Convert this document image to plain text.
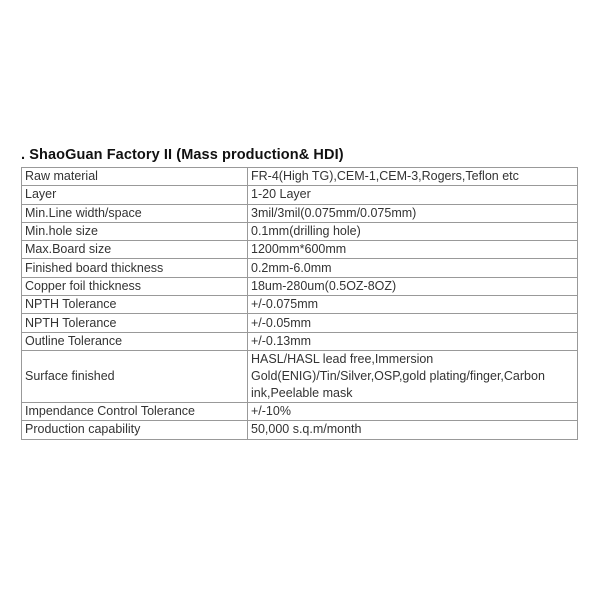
. ShaoGuan Factory II (Mass production& HDI)
Raw material	FR-4(High TG),CEM-1,CEM-3,Rogers,Teflon etc
Layer	1-20 Layer
Min.Line width/space	3mil/3mil(0.075mm/0.075mm)
Min.hole size	0.1mm(drilling hole)
Max.Board size	1200mm*600mm
Finished board thickness	0.2mm-6.0mm
Copper foil thickness	18um-280um(0.5OZ-8OZ)
NPTH Tolerance	+/-0.075mm
NPTH Tolerance	+/-0.05mm
Outline Tolerance	+/-0.13mm
Surface finished	HASL/HASL lead free,Immersion Gold(ENIG)/Tin/Silver,OSP,gold plating/finger,Carbon ink,Peelable mask
Impendance Control Tolerance	+/-10%
Production capability	50,000 s.q.m/month
